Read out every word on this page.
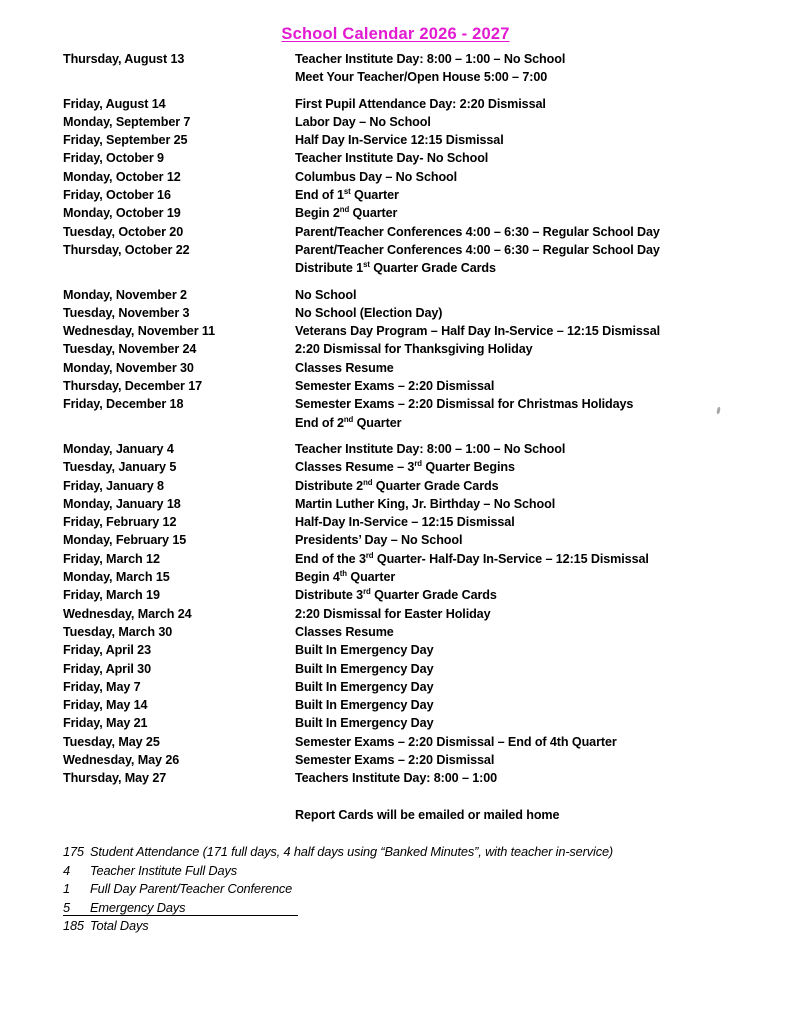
School Calendar 2026 - 2027
Thursday, August 13	Teacher Institute Day: 8:00 – 1:00 – No School
Meet Your Teacher/Open House 5:00 – 7:00
Friday, August 14	First Pupil Attendance Day: 2:20 Dismissal
Monday, September 7	Labor Day – No School
Friday, September 25	Half Day In-Service 12:15 Dismissal
Friday, October 9	Teacher Institute Day- No School
Monday, October 12	Columbus Day – No School
Friday, October 16	End of 1st Quarter
Monday, October 19	Begin 2nd Quarter
Tuesday, October 20	Parent/Teacher Conferences 4:00 – 6:30 – Regular School Day
Thursday, October 22	Parent/Teacher Conferences 4:00 – 6:30 – Regular School Day
Distribute 1st Quarter Grade Cards
Monday, November 2	No School
Tuesday, November 3	No School (Election Day)
Wednesday, November 11	Veterans Day Program – Half Day In-Service – 12:15 Dismissal
Tuesday, November 24	2:20 Dismissal for Thanksgiving Holiday
Monday, November 30	Classes Resume
Thursday, December 17	Semester Exams – 2:20 Dismissal
Friday, December 18	Semester Exams – 2:20 Dismissal for Christmas Holidays
End of 2nd Quarter
Monday, January 4	Teacher Institute Day: 8:00 – 1:00 – No School
Tuesday, January 5	Classes Resume – 3rd Quarter Begins
Friday, January 8	Distribute 2nd Quarter Grade Cards
Monday, January 18	Martin Luther King, Jr. Birthday – No School
Friday, February 12	Half-Day In-Service – 12:15 Dismissal
Monday, February 15	Presidents’ Day – No School
Friday, March 12	End of the 3rd Quarter- Half-Day In-Service – 12:15 Dismissal
Monday, March 15	Begin 4th Quarter
Friday, March 19	Distribute 3rd Quarter Grade Cards
Wednesday, March 24	2:20 Dismissal for Easter Holiday
Tuesday, March 30	Classes Resume
Friday, April 23	Built In Emergency Day
Friday, April 30	Built In Emergency Day
Friday, May 7	Built In Emergency Day
Friday, May 14	Built In Emergency Day
Friday, May 21	Built In Emergency Day
Tuesday, May 25	Semester Exams – 2:20 Dismissal – End of 4th Quarter
Wednesday, May 26	Semester Exams – 2:20 Dismissal
Thursday, May 27	Teachers Institute Day: 8:00 – 1:00
Report Cards will be emailed or mailed home
175 Student Attendance (171 full days, 4 half days using “Banked Minutes”, with teacher in-service)
4	Teacher Institute Full Days
1	Full Day Parent/Teacher Conference
5	Emergency Days
185 Total Days
